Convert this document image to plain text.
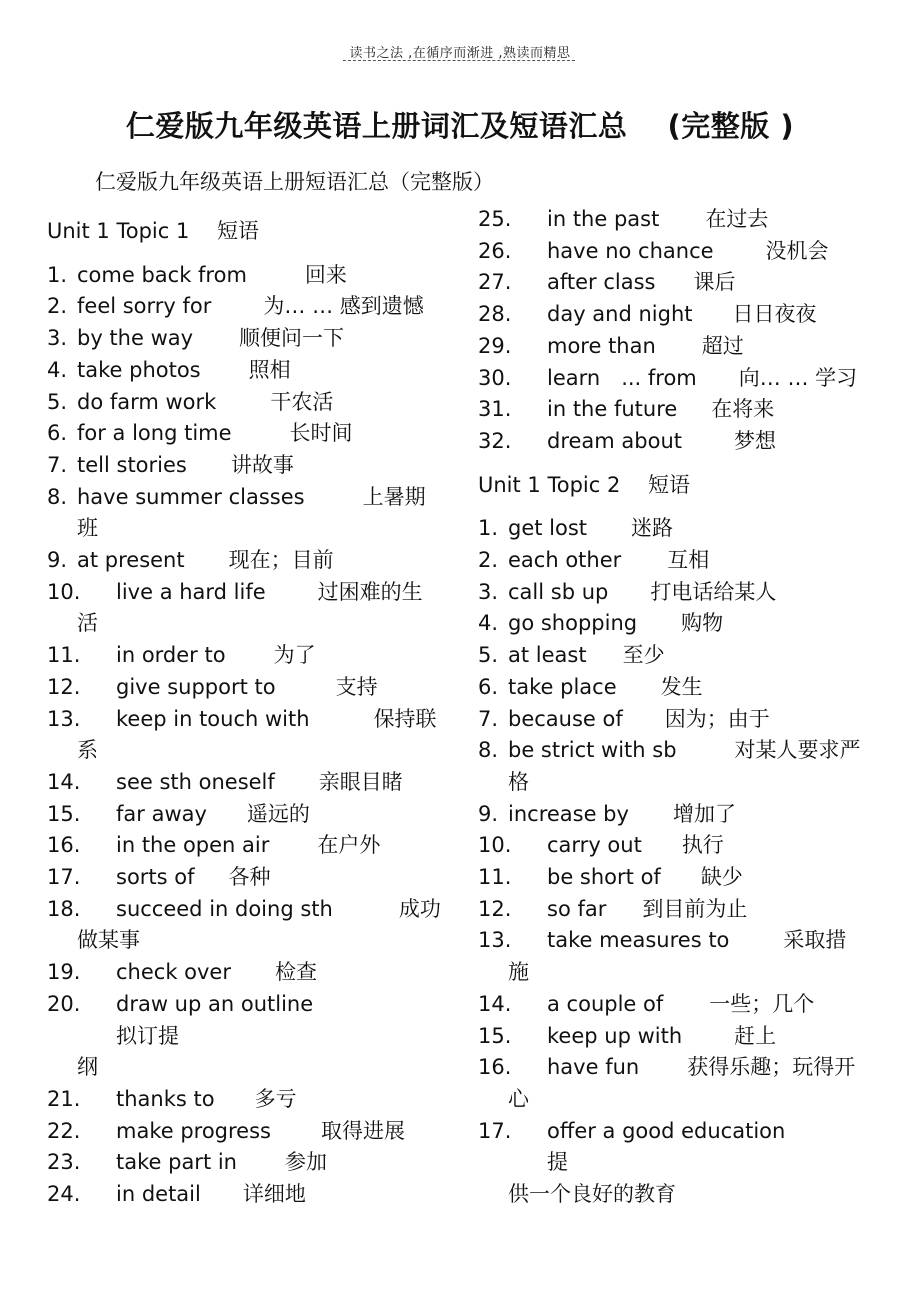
读书之法 ,在循序而渐进 ,熟读而精思
仁爱版九年级英语上册词汇及短语汇总　 (完整版 )
仁爱版九年级英语上册短语汇总（完整版）
Unit 1 Topic 1　 短语
1. come back from	回来
2. feel sorry for 为… … 感到遗憾
3. by the way 顺便问一下
4. take photos 照相
5. do farm work	干农活
6. for a long time	长时间
7. tell stories 讲故事
8. have summer classes	上暑期
班
9. at present 现在；目前
10.	live a hard life 过困难的生
活
11.	in order to 为了
12.	give support to	支持
13.	keep in touch with	保持联
系
14.	see sth oneself 亲眼目睹
15.	far away 遥远的
16.	in the open air 在户外
17.	sorts of 各种
18.	succeed in doing sth	成功
做某事
19.	check over 检查
20.	draw up an outline
拟订提
纲
21.	thanks to 多亏
22.	make progress 取得进展
23.	take part in 参加
24.	in detail 详细地
25.	in the past 在过去
26.	have no chance 没机会
27.	after class 课后
28.	day and night 日日夜夜
29.	more than 超过
30.	learn　... from 向… … 学习
31.	in the future 在将来
32.	dream about 梦想
Unit 1 Topic 2　 短语
1. get lost 迷路
2. each other 互相
3. call sb up 打电话给某人
4. go shopping 购物
5. at least 至少
6. take place 发生
7. because of 因为；由于
8. be strict with sb	对某人要求严
格
9. increase by 增加了
10.	carry out 执行
11.	be short of 缺少
12.	so far 到目前为止
13.	take measures to	采取措
施
14.	a couple of 一些；几个
15.	keep up with 赶上
16.	have fun 获得乐趣；玩得开
心
17.	offer a good education
提
供一个良好的教育
